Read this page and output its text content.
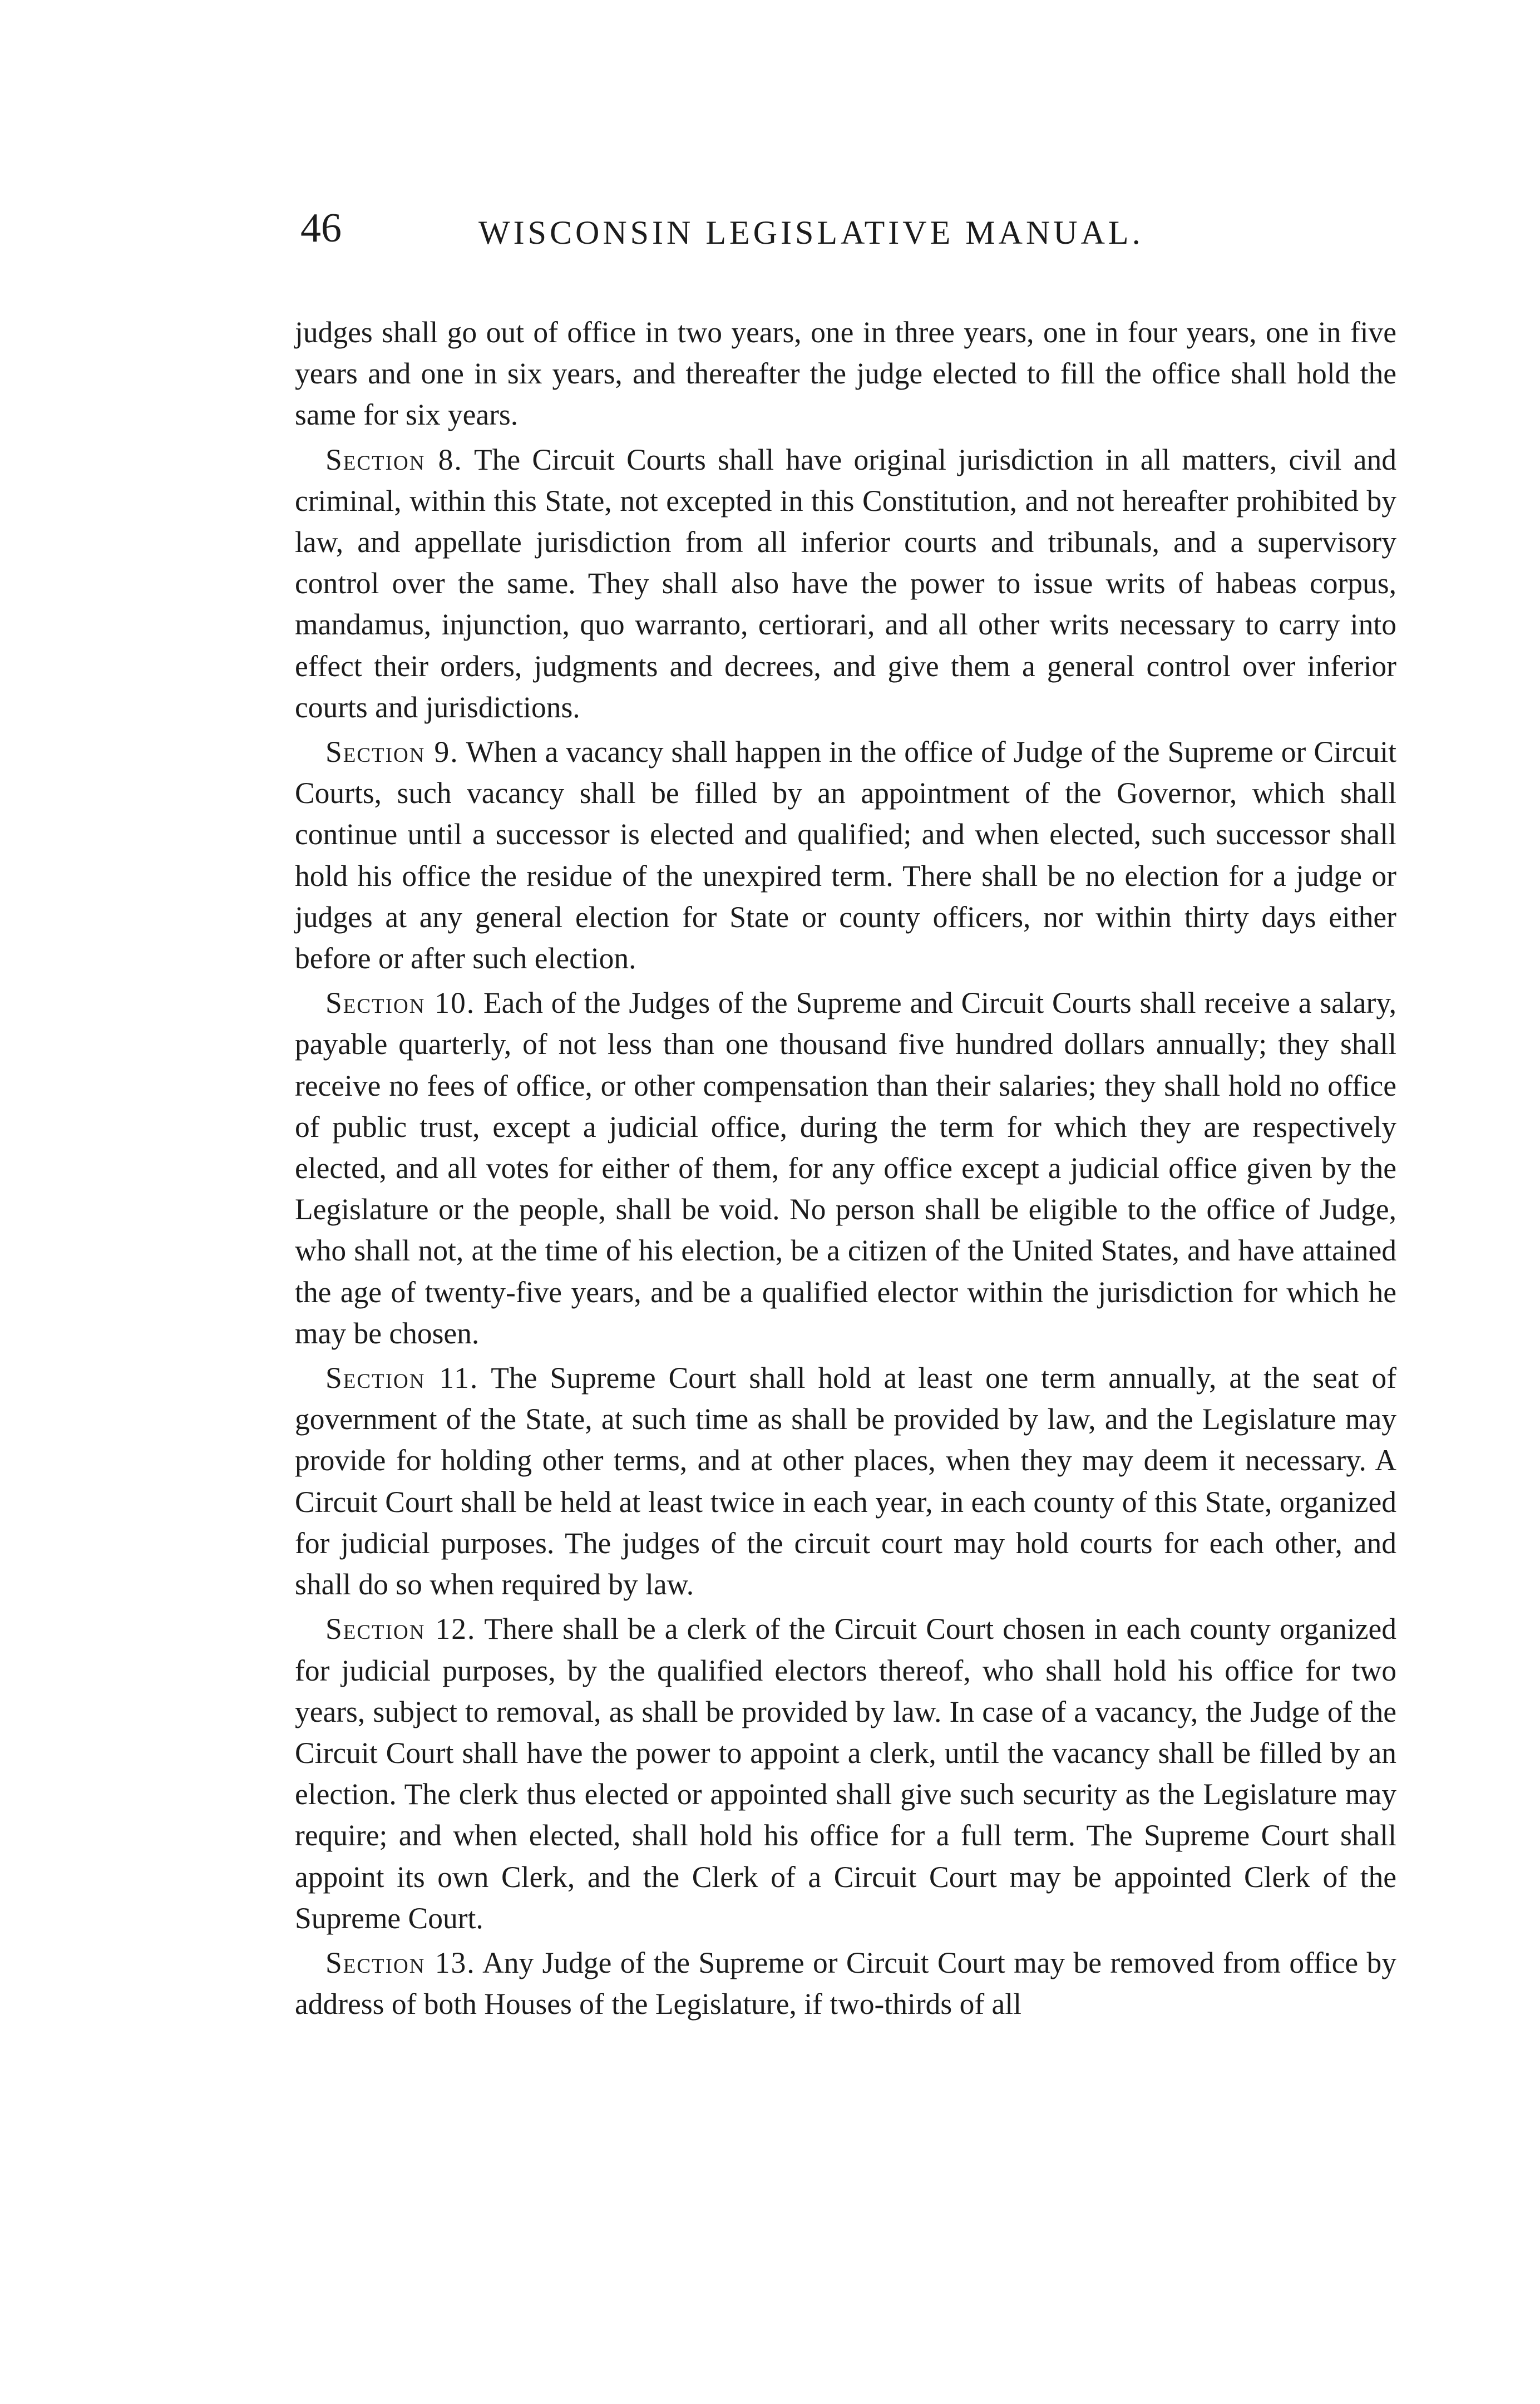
46	WISCONSIN LEGISLATIVE MANUAL.

judges shall go out of office in two years, one in three years, one in four years, one in five years and one in six years, and thereafter the judge elected to fill the office shall hold the same for six years.

Section 8. The Circuit Courts shall have original jurisdiction in all matters, civil and criminal, within this State, not excepted in this Constitution, and not hereafter prohibited by law, and appellate jurisdiction from all inferior courts and tribunals, and a supervisory control over the same. They shall also have the power to issue writs of habeas corpus, mandamus, injunction, quo warranto, certiorari, and all other writs necessary to carry into effect their orders, judgments and decrees, and give them a general control over inferior courts and jurisdictions.

Section 9. When a vacancy shall happen in the office of Judge of the Supreme or Circuit Courts, such vacancy shall be filled by an appointment of the Governor, which shall continue until a successor is elected and qualified; and when elected, such successor shall hold his office the residue of the unexpired term. There shall be no election for a judge or judges at any general election for State or county officers, nor within thirty days either before or after such election.

Section 10. Each of the Judges of the Supreme and Circuit Courts shall receive a salary, payable quarterly, of not less than one thousand five hundred dollars annually; they shall receive no fees of office, or other compensation than their salaries; they shall hold no office of public trust, except a judicial office, during the term for which they are respectively elected, and all votes for either of them, for any office except a judicial office given by the Legislature or the people, shall be void. No person shall be eligible to the office of Judge, who shall not, at the time of his election, be a citizen of the United States, and have attained the age of twenty-five years, and be a qualified elector within the jurisdiction for which he may be chosen.

Section 11. The Supreme Court shall hold at least one term annually, at the seat of government of the State, at such time as shall be provided by law, and the Legislature may provide for holding other terms, and at other places, when they may deem it necessary. A Circuit Court shall be held at least twice in each year, in each county of this State, organized for judicial purposes. The judges of the circuit court may hold courts for each other, and shall do so when required by law.

Section 12. There shall be a clerk of the Circuit Court chosen in each county organized for judicial purposes, by the qualified electors thereof, who shall hold his office for two years, subject to removal, as shall be provided by law. In case of a vacancy, the Judge of the Circuit Court shall have the power to appoint a clerk, until the vacancy shall be filled by an election. The clerk thus elected or appointed shall give such security as the Legislature may require; and when elected, shall hold his office for a full term. The Supreme Court shall appoint its own Clerk, and the Clerk of a Circuit Court may be appointed Clerk of the Supreme Court.

Section 13. Any Judge of the Supreme or Circuit Court may be removed from office by address of both Houses of the Legislature, if two-thirds of all
